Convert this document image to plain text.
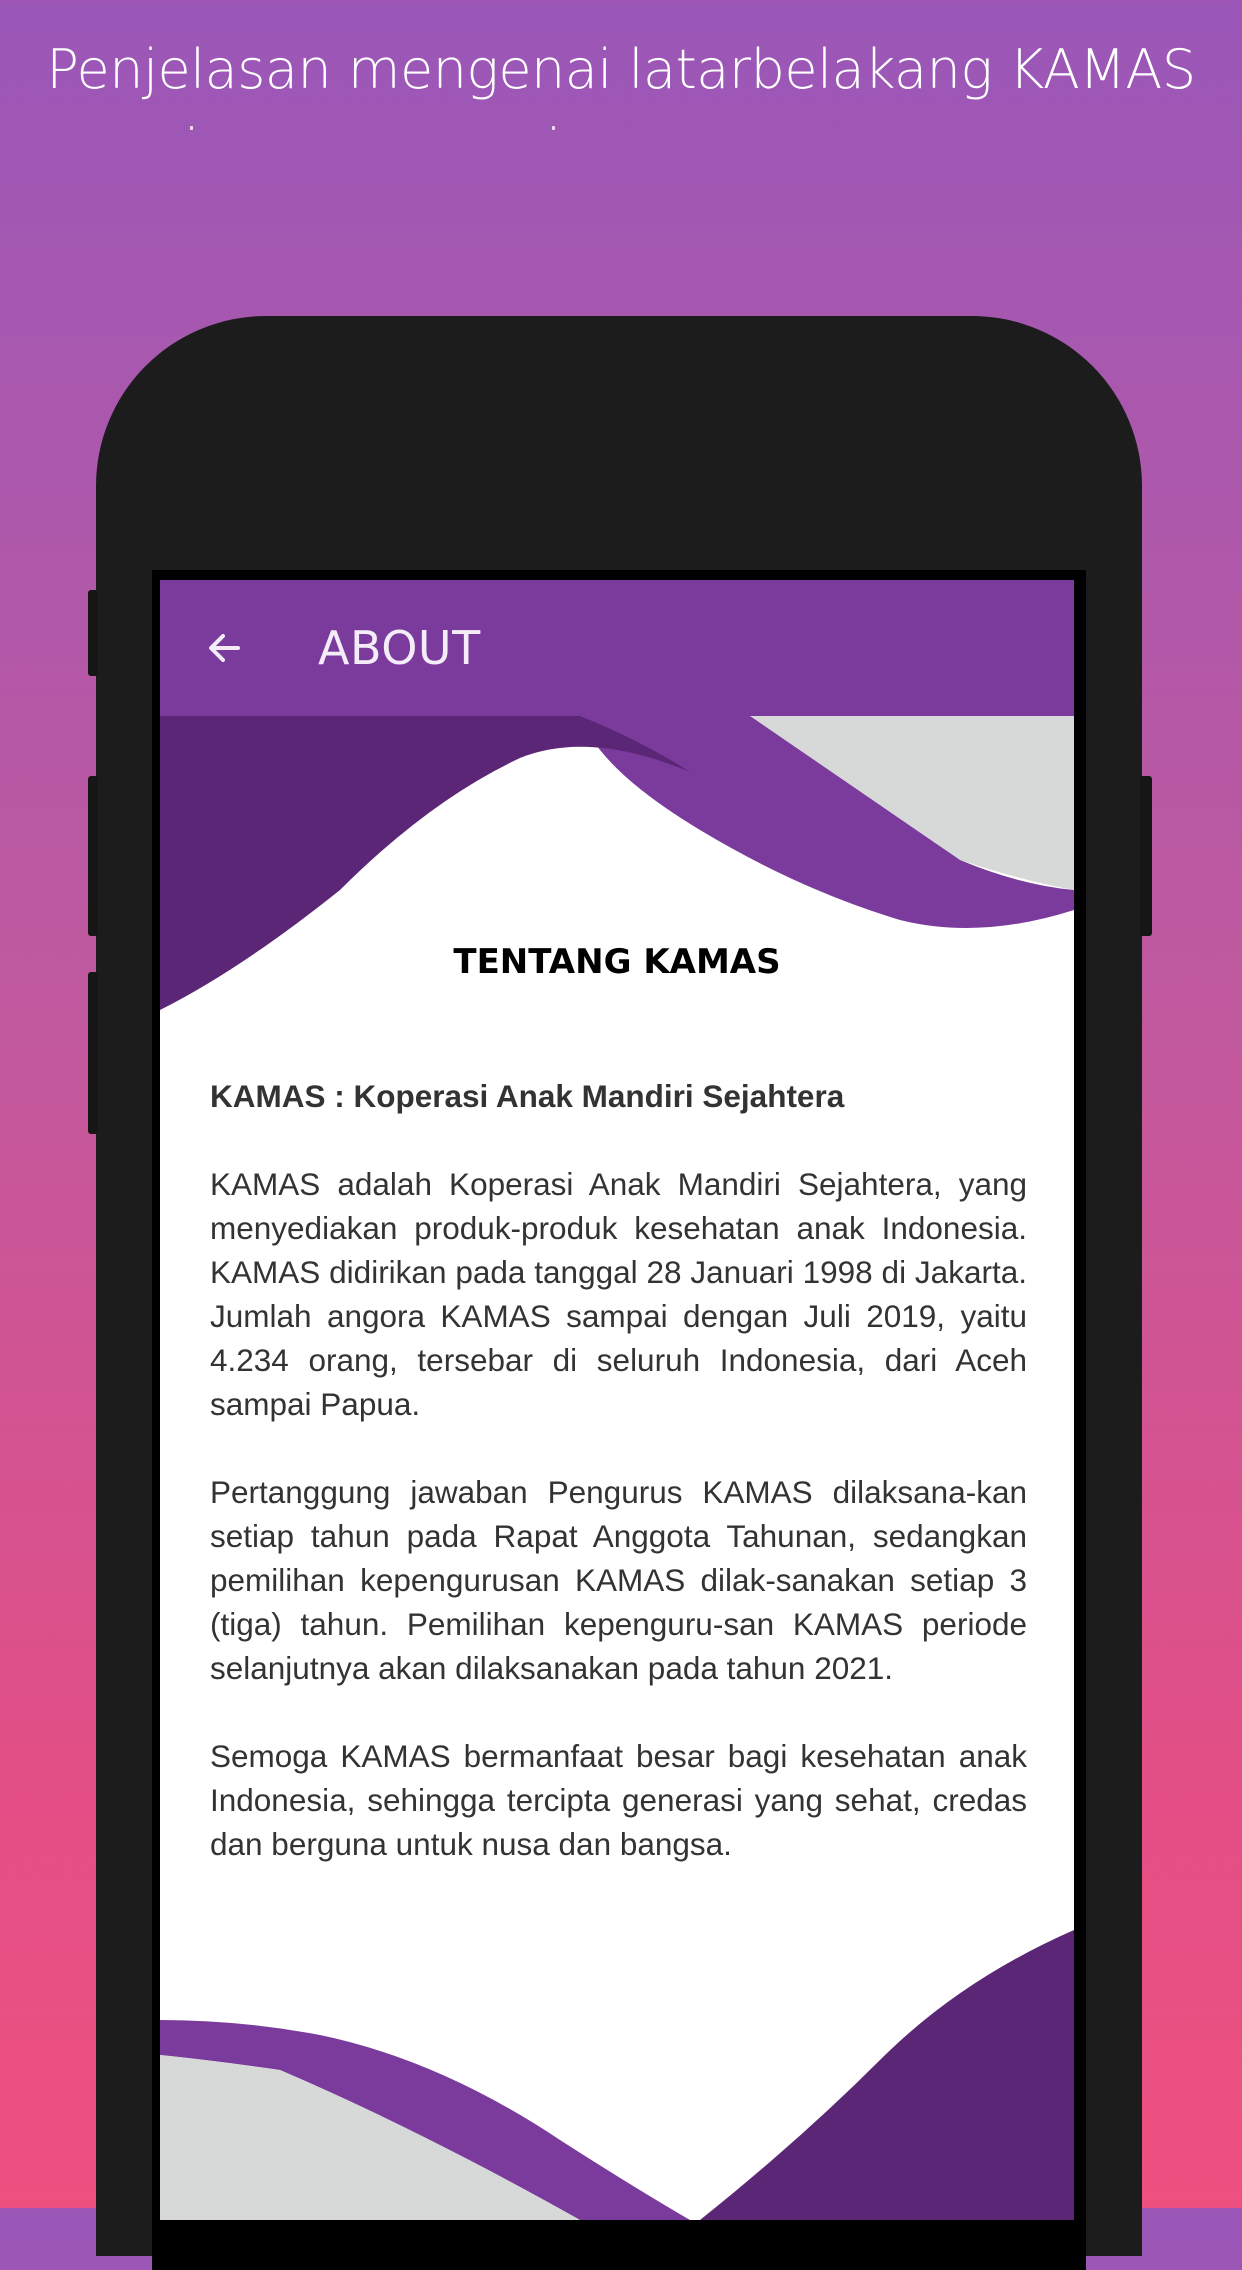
Penjelasan mengenai latarbelakang KAMAS
ABOUT
TENTANG KAMAS
KAMAS : Koperasi Anak Mandiri Sejahtera

KAMAS adalah Koperasi Anak Mandiri Sejahtera, yang menyediakan produk-produk kesehatan anak Indonesia. KAMAS didirikan pada tanggal 28 Januari 1998 di Jakarta. Jumlah angora KAMAS sampai dengan Juli 2019, yaitu 4.234 orang, tersebar di seluruh Indonesia, dari Aceh sampai Papua.

Pertanggung jawaban Pengurus KAMAS dilaksana-kan setiap tahun pada Rapat Anggota Tahunan, sedangkan pemilihan kepengurusan KAMAS dilak-sanakan setiap 3 (tiga) tahun. Pemilihan kepenguru-san KAMAS periode selanjutnya akan dilaksanakan pada tahun 2021.

Semoga KAMAS bermanfaat besar bagi kesehatan anak Indonesia, sehingga tercipta generasi yang sehat, credas dan berguna untuk nusa dan bangsa.
